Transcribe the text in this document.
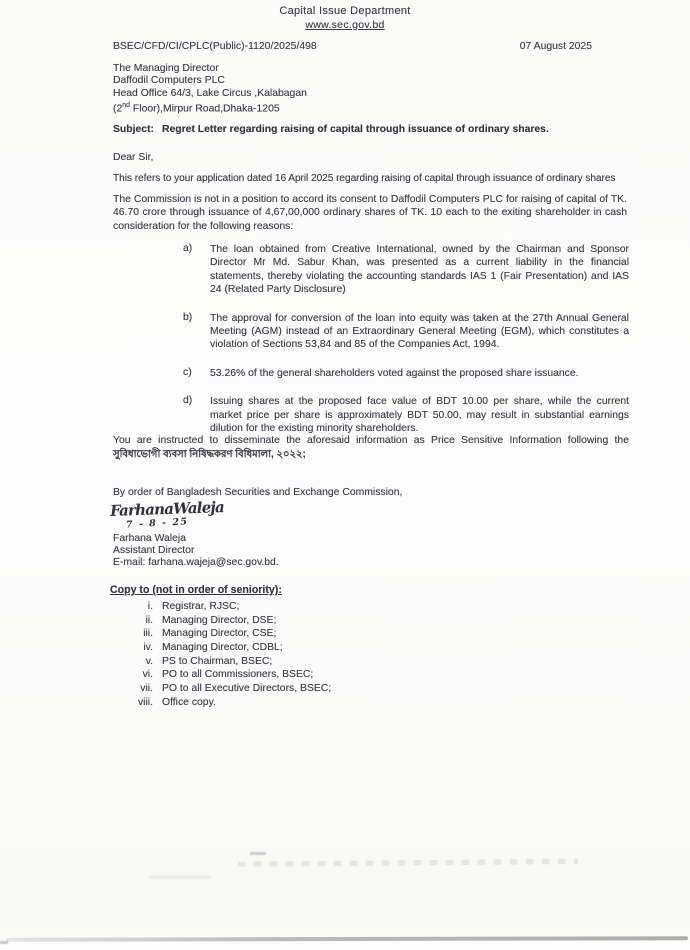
Capital Issue Department
www.sec.gov.bd
BSEC/CFD/CI/CPLC(Public)-1120/2025/498	07 August 2025
The Managing Director
Daffodil Computers PLC
Head Office 64/3, Lake Circus ,Kalabagan
(2nd Floor),Mirpur Road,Dhaka-1205
Subject: Regret Letter regarding raising of capital through issuance of ordinary shares.
Dear Sir,
This refers to your application dated 16 April 2025 regarding raising of capital through issuance of ordinary shares
The Commission is not in a position to accord its consent to Daffodil Computers PLC for raising of capital of TK. 46.70 crore through issuance of 4,67,00,000 ordinary shares of TK. 10 each to the exiting shareholder in cash consideration for the following reasons:
a)	The loan obtained from Creative International, owned by the Chairman and Sponsor Director Mr Md. Sabur Khan, was presented as a current liability in the financial statements, thereby violating the accounting standards IAS 1 (Fair Presentation) and IAS 24 (Related Party Disclosure)
b)	The approval for conversion of the loan into equity was taken at the 27th Annual General Meeting (AGM) instead of an Extraordinary General Meeting (EGM), which constitutes a violation of Sections 53,84 and 85 of the Companies Act, 1994.
c)	53.26% of the general shareholders voted against the proposed share issuance.
d)	Issuing shares at the proposed face value of BDT 10.00 per share, while the current market price per share is approximately BDT 50.00, may result in substantial earnings dilution for the existing minority shareholders.
You are instructed to disseminate the aforesaid information as Price Sensitive Information following the সুবিধাভোগী ব্যবসা নিষিদ্ধকরণ বিধিমালা, ২০২২;
By order of Bangladesh Securities and Exchange Commission,
FarhanaWaleja
7 - 8 - 25
Farhana Waleja
Assistant Director
E-mail: farhana.wajeja@sec.gov.bd.
Copy to (not in order of seniority):
i. Registrar, RJSC;
ii. Managing Director, DSE;
iii. Managing Director, CSE;
iv. Managing Director, CDBL;
v. PS to Chairman, BSEC;
vi. PO to all Commissioners, BSEC;
vii. PO to all Executive Directors, BSEC;
viii. Office copy.
